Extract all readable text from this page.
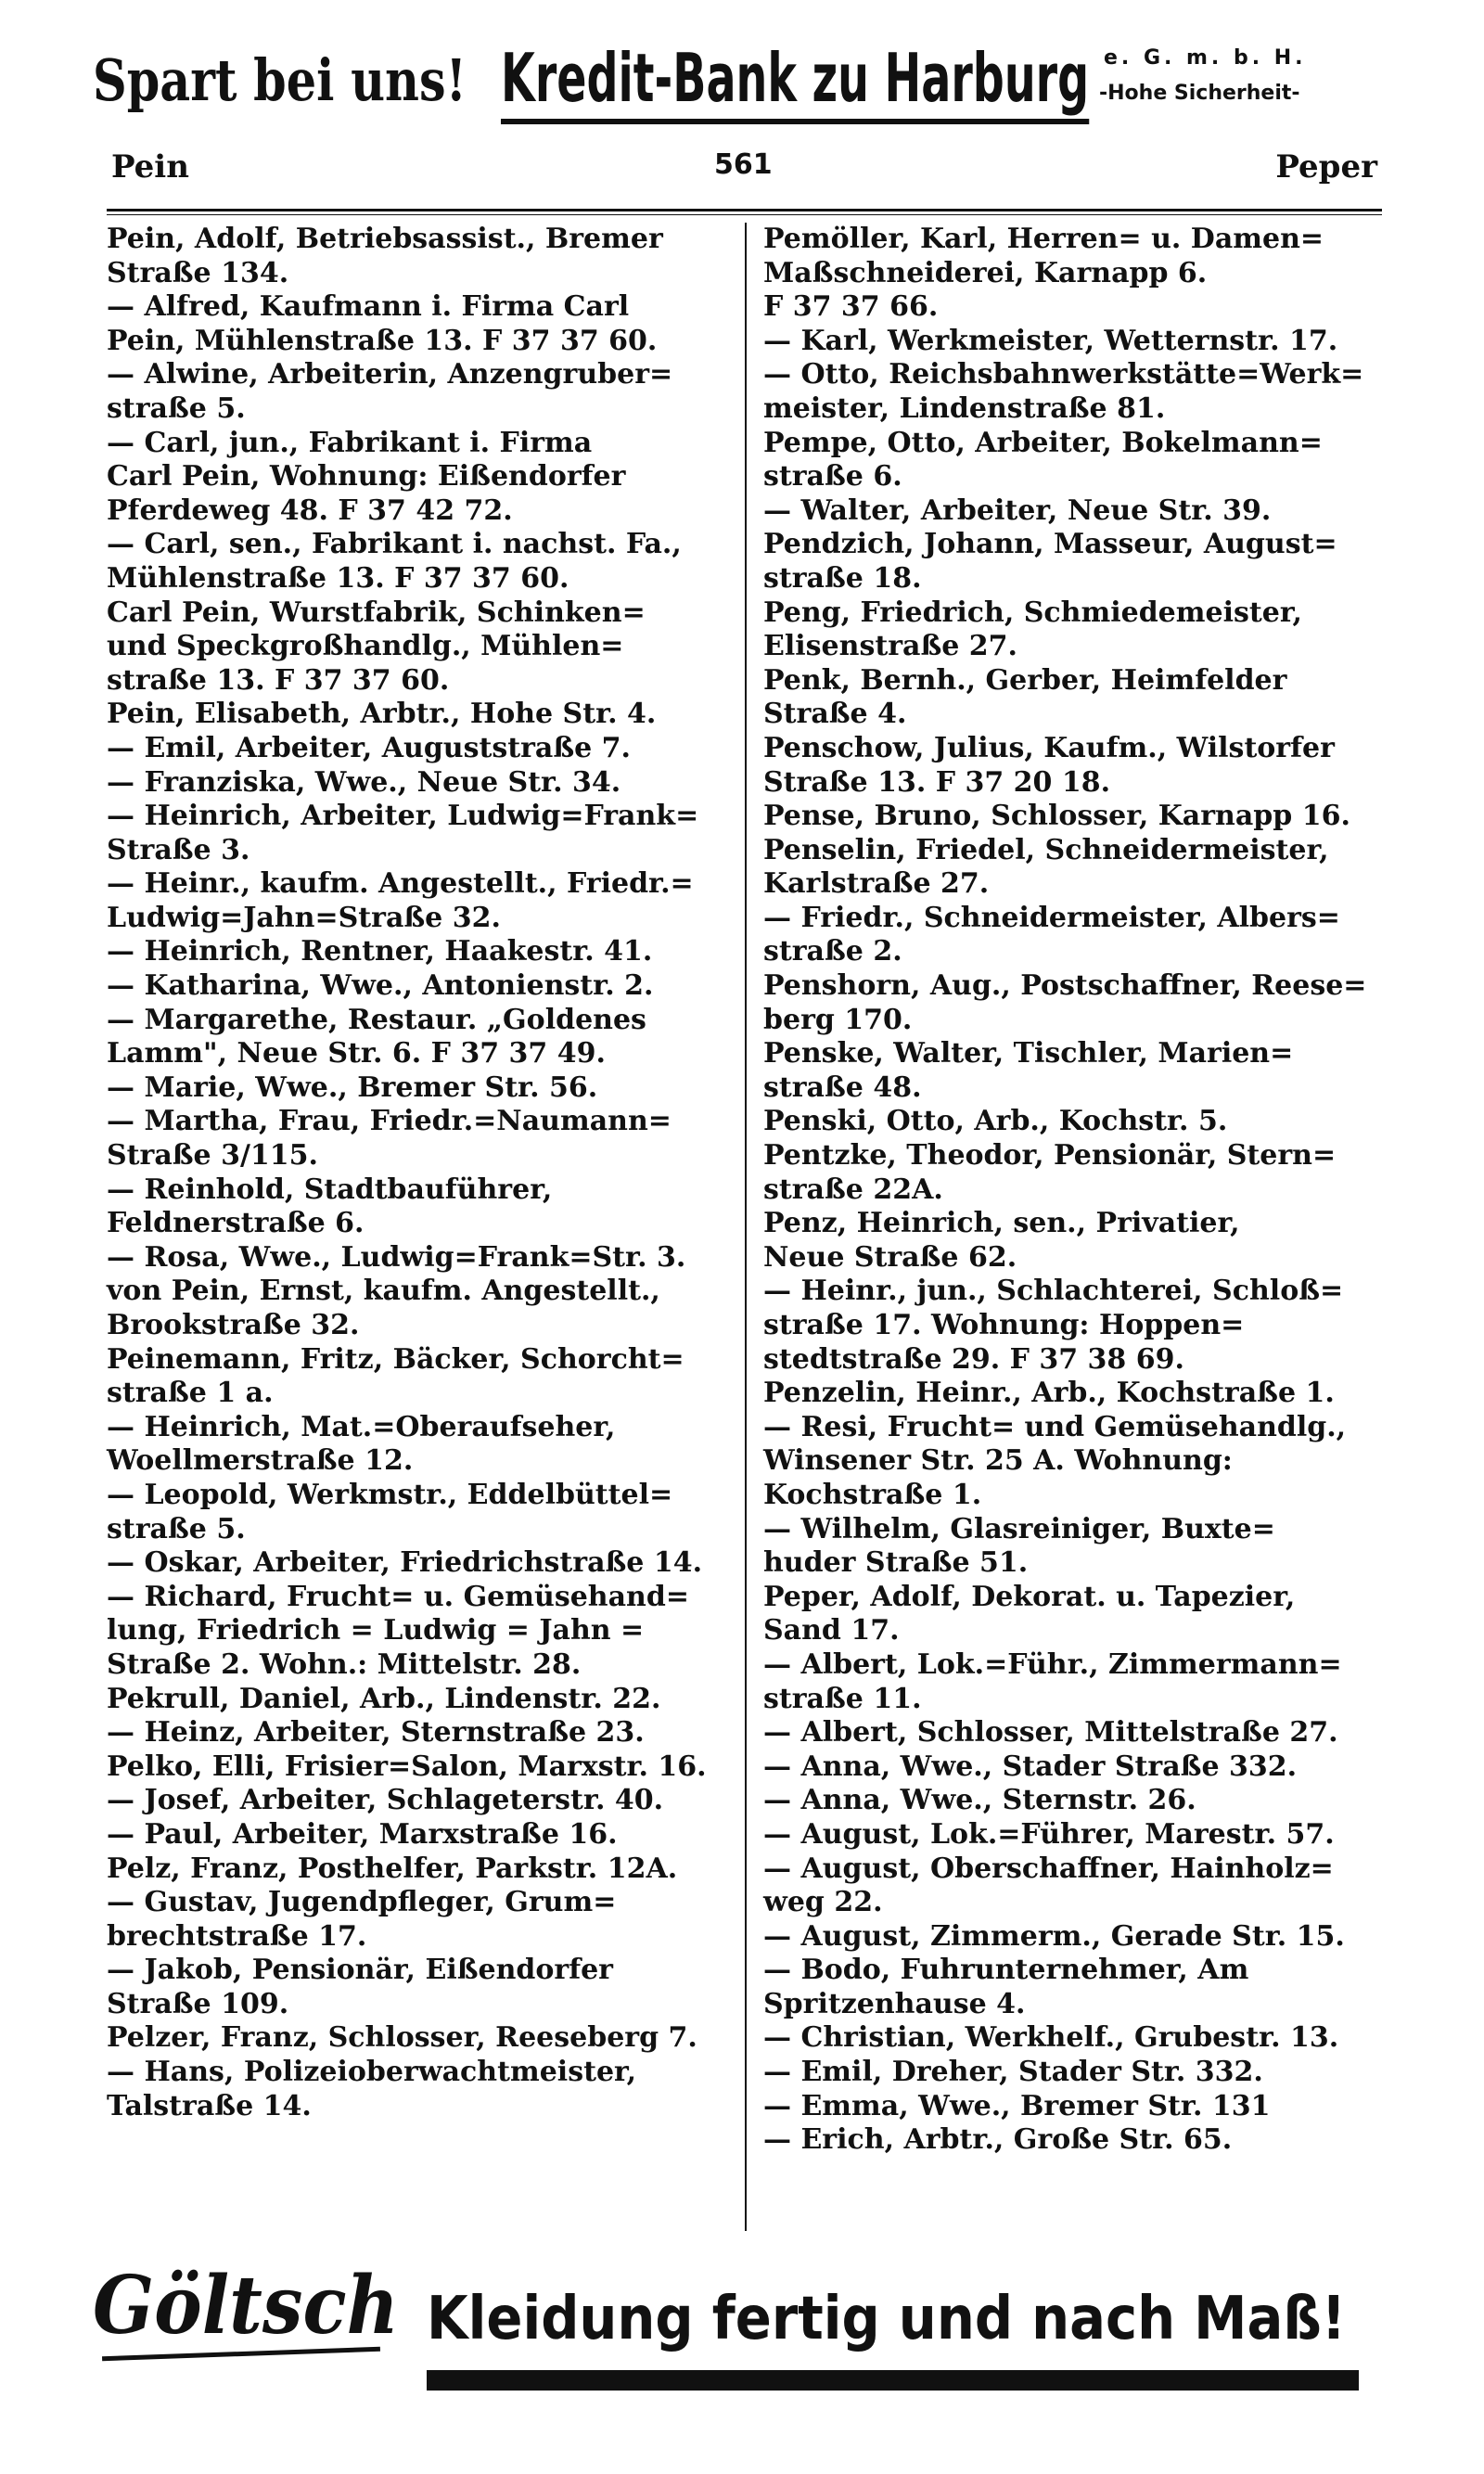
Spart bei uns! Kredit-Bank zu Harburg e. G. m. b. H.
-Hohe Sicherheit-
Pein	561	Peper
Pein, Adolf, Betriebsassist., Bremer
Straße 134.
— Alfred, Kaufmann i. Firma Carl
Pein, Mühlenstraße 13. F 37 37 60.
— Alwine, Arbeiterin, Anzengruber=
straße 5.
— Carl, jun., Fabrikant i. Firma
Carl Pein, Wohnung: Eißendorfer
Pferdeweg 48. F 37 42 72.
— Carl, sen., Fabrikant i. nachst. Fa.,
Mühlenstraße 13. F 37 37 60.
Carl Pein, Wurstfabrik, Schinken=
und Speckgroßhandlg., Mühlen=
straße 13. F 37 37 60.
Pein, Elisabeth, Arbtr., Hohe Str. 4.
— Emil, Arbeiter, Auguststraße 7.
— Franziska, Wwe., Neue Str. 34.
— Heinrich, Arbeiter, Ludwig=Frank=
Straße 3.
— Heinr., kaufm. Angestellt., Friedr.=
Ludwig=Jahn=Straße 32.
— Heinrich, Rentner, Haakestr. 41.
— Katharina, Wwe., Antonienstr. 2.
— Margarethe, Restaur. „Goldenes
Lamm", Neue Str. 6. F 37 37 49.
— Marie, Wwe., Bremer Str. 56.
— Martha, Frau, Friedr.=Naumann=
Straße 3/115.
— Reinhold, Stadtbauführer,
Feldnerstraße 6.
— Rosa, Wwe., Ludwig=Frank=Str. 3.
von Pein, Ernst, kaufm. Angestellt.,
Brookstraße 32.
Peinemann, Fritz, Bäcker, Schorcht=
straße 1 a.
— Heinrich, Mat.=Oberaufseher,
Woellmerstraße 12.
— Leopold, Werkmstr., Eddelbüttel=
straße 5.
— Oskar, Arbeiter, Friedrichstraße 14.
— Richard, Frucht= u. Gemüsehand=
lung, Friedrich = Ludwig = Jahn =
Straße 2. Wohn.: Mittelstr. 28.
Pekrull, Daniel, Arb., Lindenstr. 22.
— Heinz, Arbeiter, Sternstraße 23.
Pelko, Elli, Frisier=Salon, Marxstr. 16.
— Josef, Arbeiter, Schlageterstr. 40.
— Paul, Arbeiter, Marxstraße 16.
Pelz, Franz, Posthelfer, Parkstr. 12A.
— Gustav, Jugendpfleger, Grum=
brechtstraße 17.
— Jakob, Pensionär, Eißendorfer
Straße 109.
Pelzer, Franz, Schlosser, Reeseberg 7.
— Hans, Polizeioberwachtmeister,
Talstraße 14.
Pemöller, Karl, Herren= u. Damen=
Maßschneiderei, Karnapp 6.
F 37 37 66.
— Karl, Werkmeister, Wetternstr. 17.
— Otto, Reichsbahnwerkstätte=Werk=
meister, Lindenstraße 81.
Pempe, Otto, Arbeiter, Bokelmann=
straße 6.
— Walter, Arbeiter, Neue Str. 39.
Pendzich, Johann, Masseur, August=
straße 18.
Peng, Friedrich, Schmiedemeister,
Elisenstraße 27.
Penk, Bernh., Gerber, Heimfelder
Straße 4.
Penschow, Julius, Kaufm., Wilstorfer
Straße 13. F 37 20 18.
Pense, Bruno, Schlosser, Karnapp 16.
Penselin, Friedel, Schneidermeister,
Karlstraße 27.
— Friedr., Schneidermeister, Albers=
straße 2.
Penshorn, Aug., Postschaffner, Reese=
berg 170.
Penske, Walter, Tischler, Marien=
straße 48.
Penski, Otto, Arb., Kochstr. 5.
Pentzke, Theodor, Pensionär, Stern=
straße 22A.
Penz, Heinrich, sen., Privatier,
Neue Straße 62.
— Heinr., jun., Schlachterei, Schloß=
straße 17. Wohnung: Hoppen=
stedtstraße 29. F 37 38 69.
Penzelin, Heinr., Arb., Kochstraße 1.
— Resi, Frucht= und Gemüsehandlg.,
Winsener Str. 25 A. Wohnung:
Kochstraße 1.
— Wilhelm, Glasreiniger, Buxte=
huder Straße 51.
Peper, Adolf, Dekorat. u. Tapezier,
Sand 17.
— Albert, Lok.=Führ., Zimmermann=
straße 11.
— Albert, Schlosser, Mittelstraße 27.
— Anna, Wwe., Stader Straße 332.
— Anna, Wwe., Sternstr. 26.
— August, Lok.=Führer, Marestr. 57.
— August, Oberschaffner, Hainholz=
weg 22.
— August, Zimmerm., Gerade Str. 15.
— Bodo, Fuhrunternehmer, Am
Spritzenhause 4.
— Christian, Werkhelf., Grubestr. 13.
— Emil, Dreher, Stader Str. 332.
— Emma, Wwe., Bremer Str. 131
— Erich, Arbtr., Große Str. 65.
Göltsch Kleidung fertig und nach Maß!
